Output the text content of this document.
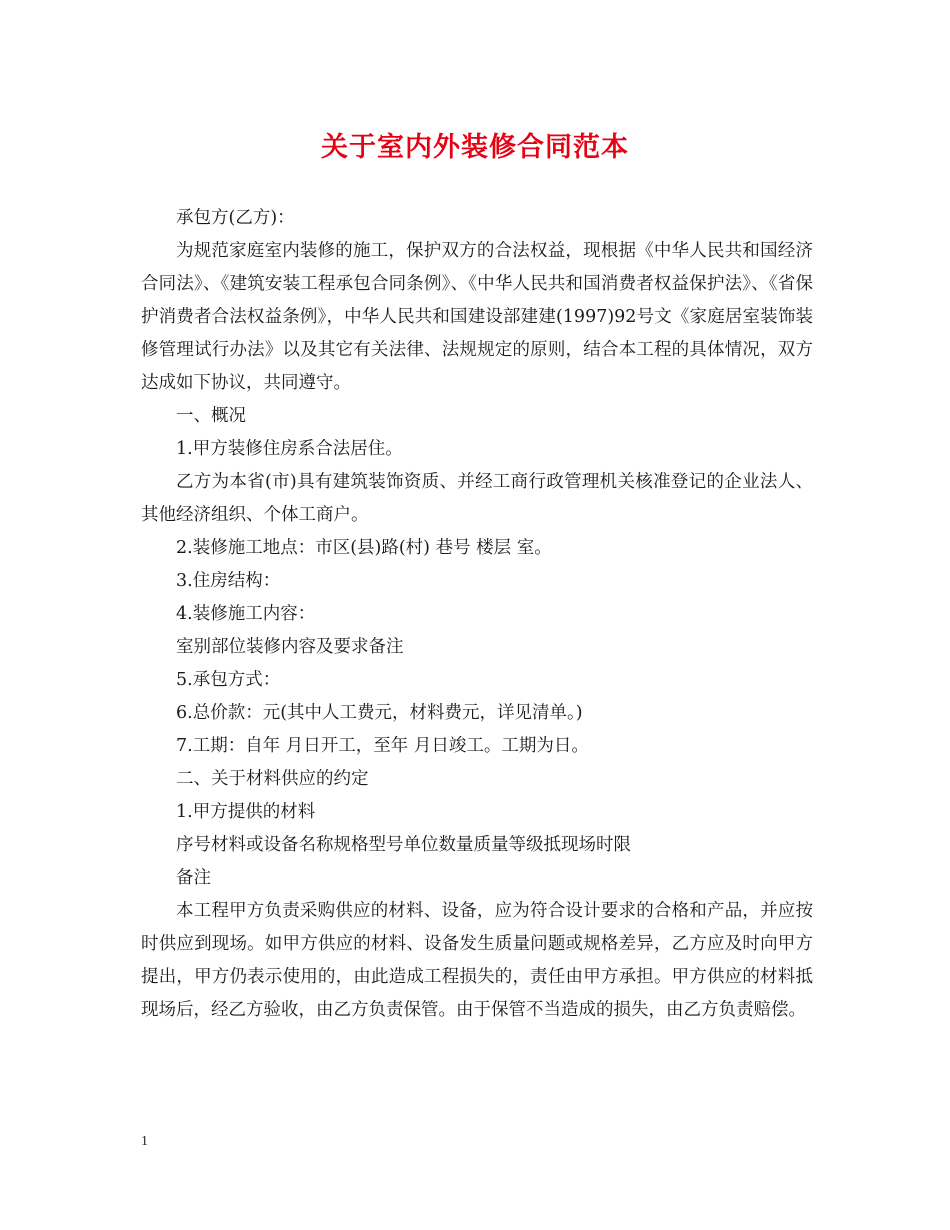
关于室内外装修合同范本

承包方(乙方)：

为规范家庭室内装修的施工，保护双方的合法权益，现根据《中华人民共和国经济合同法》、《建筑安装工程承包合同条例》、《中华人民共和国消费者权益保护法》、《省保护消费者合法权益条例》，中华人民共和国建设部建建(1997)92号文《家庭居室装饰装修管理试行办法》以及其它有关法律、法规规定的原则，结合本工程的具体情况，双方达成如下协议，共同遵守。

一、概况

1.甲方装修住房系合法居住。

乙方为本省(市)具有建筑装饰资质、并经工商行政管理机关核准登记的企业法人、其他经济组织、个体工商户。

2.装修施工地点：市区(县)路(村) 巷号 楼层 室。

3.住房结构：

4.装修施工内容：

室别部位装修内容及要求备注

5.承包方式：

6.总价款：元(其中人工费元，材料费元，详见清单。)

7.工期：自年 月日开工，至年 月日竣工。工期为日。

二、关于材料供应的约定

1.甲方提供的材料

序号材料或设备名称规格型号单位数量质量等级抵现场时限

备注

本工程甲方负责采购供应的材料、设备，应为符合设计要求的合格和产品，并应按时供应到现场。如甲方供应的材料、设备发生质量问题或规格差异，乙方应及时向甲方提出，甲方仍表示使用的，由此造成工程损失的，责任由甲方承担。甲方供应的材料抵现场后，经乙方验收，由乙方负责保管。由于保管不当造成的损失，由乙方负责赔偿。

1
